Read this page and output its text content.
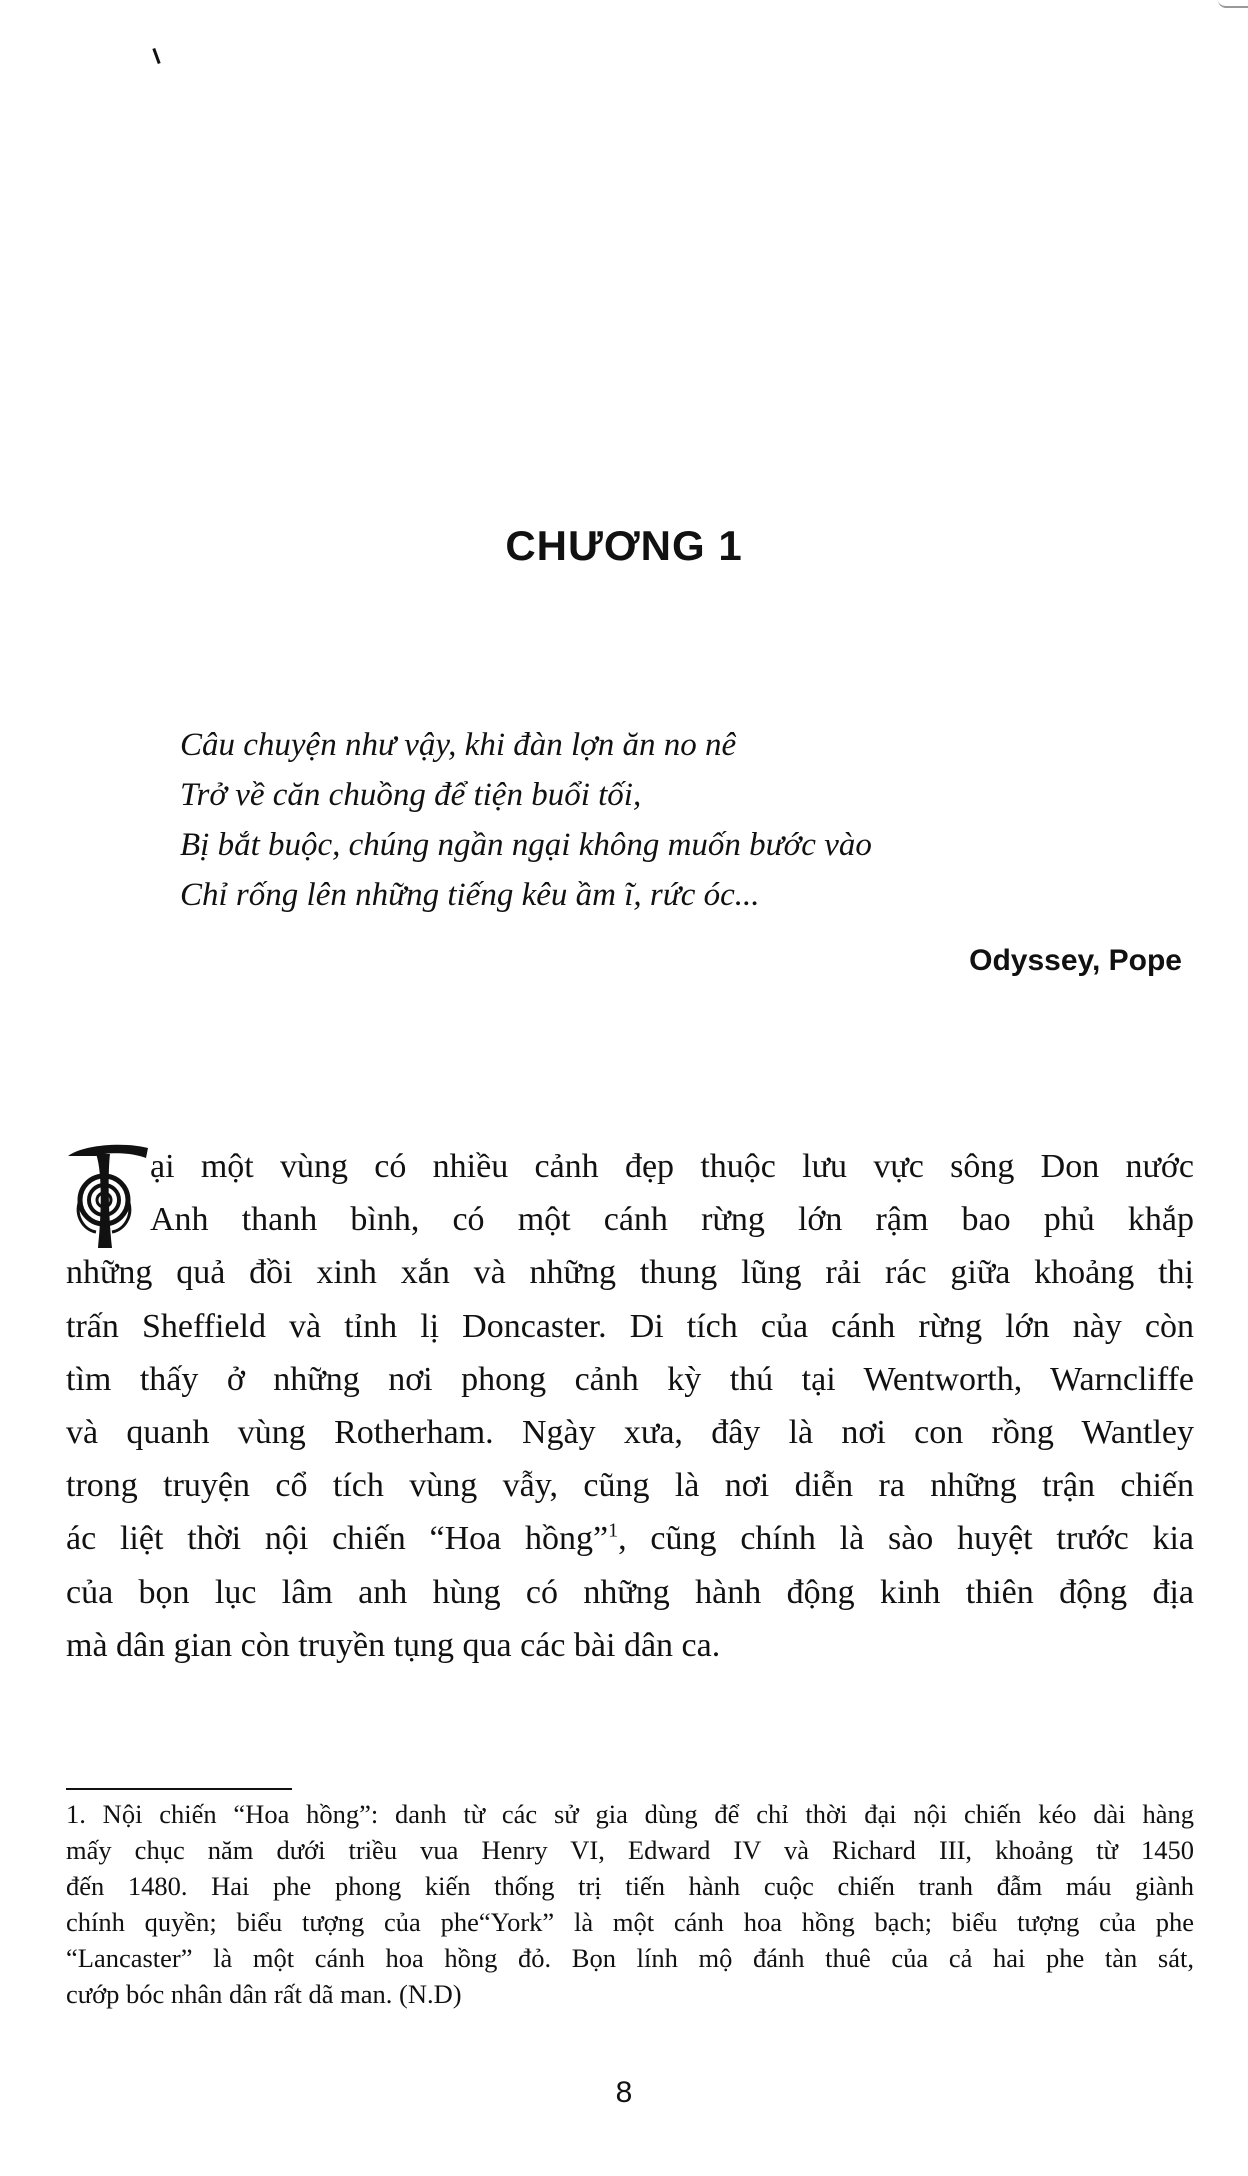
CHƯƠNG 1
Câu chuyện như vậy, khi đàn lợn ăn no nê
Trở về căn chuồng để tiện buổi tối,
Bị bắt buộc, chúng ngần ngại không muốn bước vào
Chỉ rống lên những tiếng kêu ầm ĩ, rức óc...
Odyssey, Pope
T
ại một vùng có nhiều cảnh đẹp thuộc lưu vực sông Don nước
Anh thanh bình, có một cánh rừng lớn rậm bao phủ khắp
những quả đồi xinh xắn và những thung lũng rải rác giữa khoảng thị
trấn Sheffield và tỉnh lị Doncaster. Di tích của cánh rừng lớn này còn
tìm thấy ở những nơi phong cảnh kỳ thú tại Wentworth, Warncliffe
và quanh vùng Rotherham. Ngày xưa, đây là nơi con rồng Wantley
trong truyện cổ tích vùng vẫy, cũng là nơi diễn ra những trận chiến
ác liệt thời nội chiến “Hoa hồng”$^1$, cũng chính là sào huyệt trước kia
của bọn lục lâm anh hùng có những hành động kinh thiên động địa
mà dân gian còn truyền tụng qua các bài dân ca.
1. Nội chiến “Hoa hồng”: danh từ các sử gia dùng để chỉ thời đại nội chiến kéo dài hàng
mấy chục năm dưới triều vua Henry VI, Edward IV và Richard III, khoảng từ 1450
đến 1480. Hai phe phong kiến thống trị tiến hành cuộc chiến tranh đẫm máu giành
chính quyền; biểu tượng của phe“York” là một cánh hoa hồng bạch; biểu tượng của phe
“Lancaster” là một cánh hoa hồng đỏ. Bọn lính mộ đánh thuê của cả hai phe tàn sát,
cướp bóc nhân dân rất dã man. (N.D)
8
